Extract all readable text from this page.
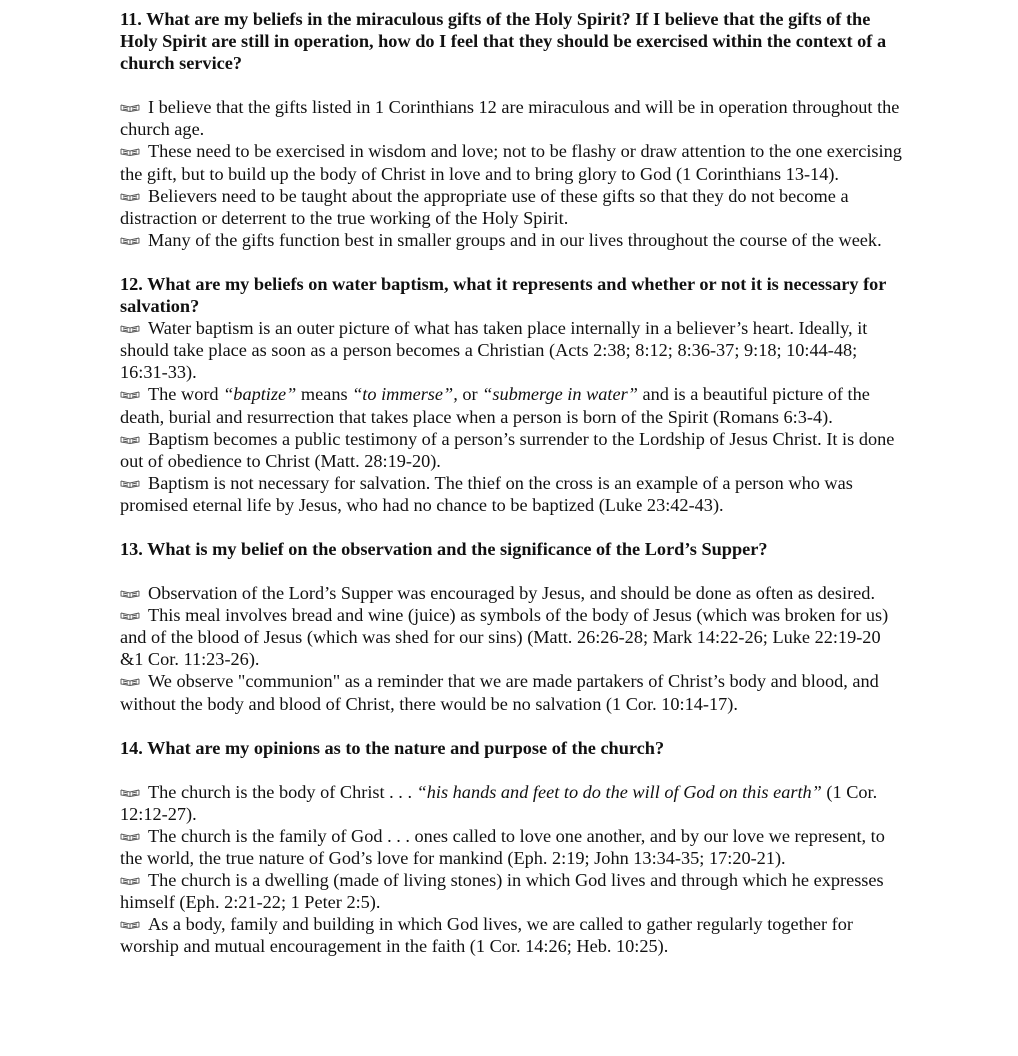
11. What are my beliefs in the miraculous gifts of the Holy Spirit? If I believe that the gifts of the Holy Spirit are still in operation, how do I feel that they should be exercised within the context of a church service?

I believe that the gifts listed in 1 Corinthians 12 are miraculous and will be in operation throughout the church age.

These need to be exercised in wisdom and love; not to be flashy or draw attention to the one exercising the gift, but to build up the body of Christ in love and to bring glory to God (1 Corinthians 13-14).

Believers need to be taught about the appropriate use of these gifts so that they do not become a distraction or deterrent to the true working of the Holy Spirit.

Many of the gifts function best in smaller groups and in our lives throughout the course of the week.

12. What are my beliefs on water baptism, what it represents and whether or not it is necessary for salvation?

Water baptism is an outer picture of what has taken place internally in a believer’s heart. Ideally, it should take place as soon as a person becomes a Christian (Acts 2:38; 8:12; 8:36-37; 9:18; 10:44-48; 16:31-33).

The word “baptize” means “to immerse”, or “submerge in water” and is a beautiful picture of the death, burial and resurrection that takes place when a person is born of the Spirit (Romans 6:3-4).

Baptism becomes a public testimony of a person’s surrender to the Lordship of Jesus Christ. It is done out of obedience to Christ (Matt. 28:19-20).

Baptism is not necessary for salvation. The thief on the cross is an example of a person who was promised eternal life by Jesus, who had no chance to be baptized (Luke 23:42-43).

13. What is my belief on the observation and the significance of the Lord’s Supper?

Observation of the Lord’s Supper was encouraged by Jesus, and should be done as often as desired.

This meal involves bread and wine (juice) as symbols of the body of Jesus (which was broken for us) and of the blood of Jesus (which was shed for our sins) (Matt. 26:26-28; Mark 14:22-26; Luke 22:19-20 &1 Cor. 11:23-26).

We observe "communion" as a reminder that we are made partakers of Christ’s body and blood, and without the body and blood of Christ, there would be no salvation (1 Cor. 10:14-17).

14. What are my opinions as to the nature and purpose of the church?

The church is the body of Christ . . . “his hands and feet to do the will of God on this earth” (1 Cor. 12:12-27).

The church is the family of God . . . ones called to love one another, and by our love we represent, to the world, the true nature of God’s love for mankind (Eph. 2:19; John 13:34-35; 17:20-21).

The church is a dwelling (made of living stones) in which God lives and through which he expresses himself (Eph. 2:21-22; 1 Peter 2:5).

As a body, family and building in which God lives, we are called to gather regularly together for worship and mutual encouragement in the faith (1 Cor. 14:26; Heb. 10:25).
